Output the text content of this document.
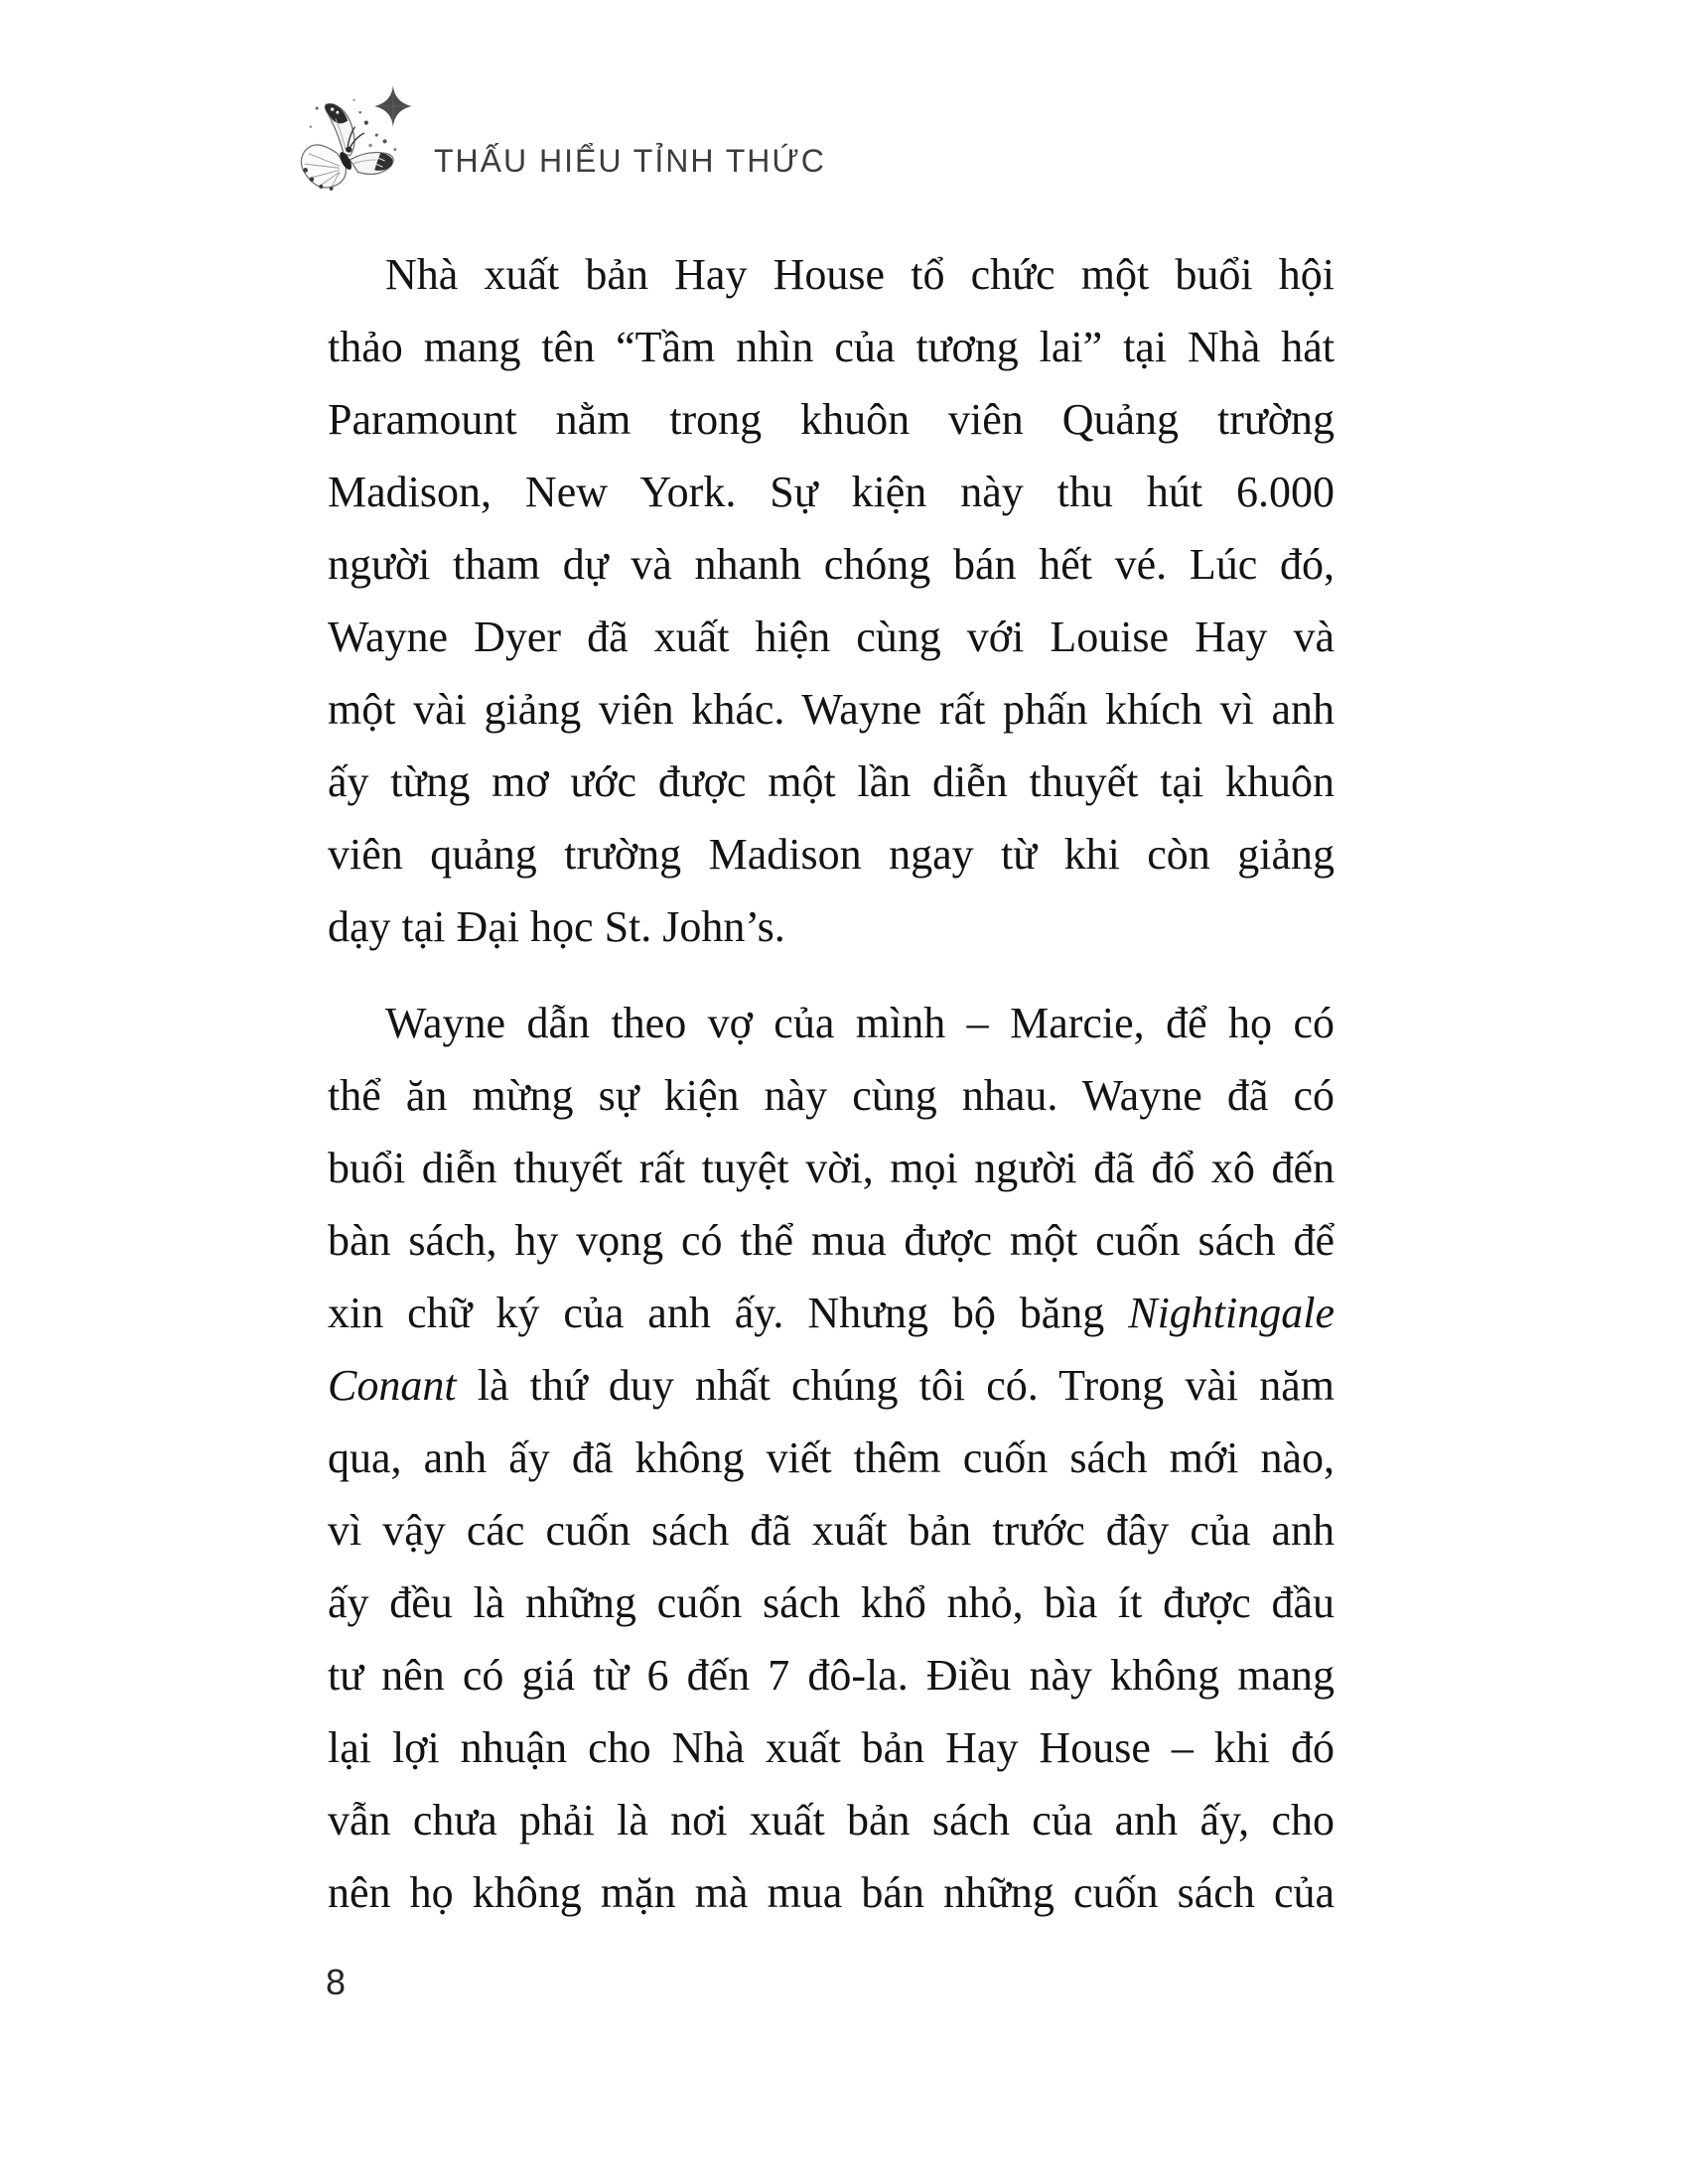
THẤU HIỂU TỈNH THỨC
Nhà xuất bản Hay House tổ chức một buổi hội
thảo mang tên “Tầm nhìn của tương lai” tại Nhà hát
Paramount nằm trong khuôn viên Quảng trường
Madison, New York. Sự kiện này thu hút 6.000
người tham dự và nhanh chóng bán hết vé. Lúc đó,
Wayne Dyer đã xuất hiện cùng với Louise Hay và
một vài giảng viên khác. Wayne rất phấn khích vì anh
ấy từng mơ ước được một lần diễn thuyết tại khuôn
viên quảng trường Madison ngay từ khi còn giảng
dạy tại Đại học St. John’s.
Wayne dẫn theo vợ của mình – Marcie, để họ có
thể ăn mừng sự kiện này cùng nhau. Wayne đã có
buổi diễn thuyết rất tuyệt vời, mọi người đã đổ xô đến
bàn sách, hy vọng có thể mua được một cuốn sách để
xin chữ ký của anh ấy. Nhưng bộ băng Nightingale
Conant là thứ duy nhất chúng tôi có. Trong vài năm
qua, anh ấy đã không viết thêm cuốn sách mới nào,
vì vậy các cuốn sách đã xuất bản trước đây của anh
ấy đều là những cuốn sách khổ nhỏ, bìa ít được đầu
tư nên có giá từ 6 đến 7 đô-la. Điều này không mang
lại lợi nhuận cho Nhà xuất bản Hay House – khi đó
vẫn chưa phải là nơi xuất bản sách của anh ấy, cho
nên họ không mặn mà mua bán những cuốn sách của
8
